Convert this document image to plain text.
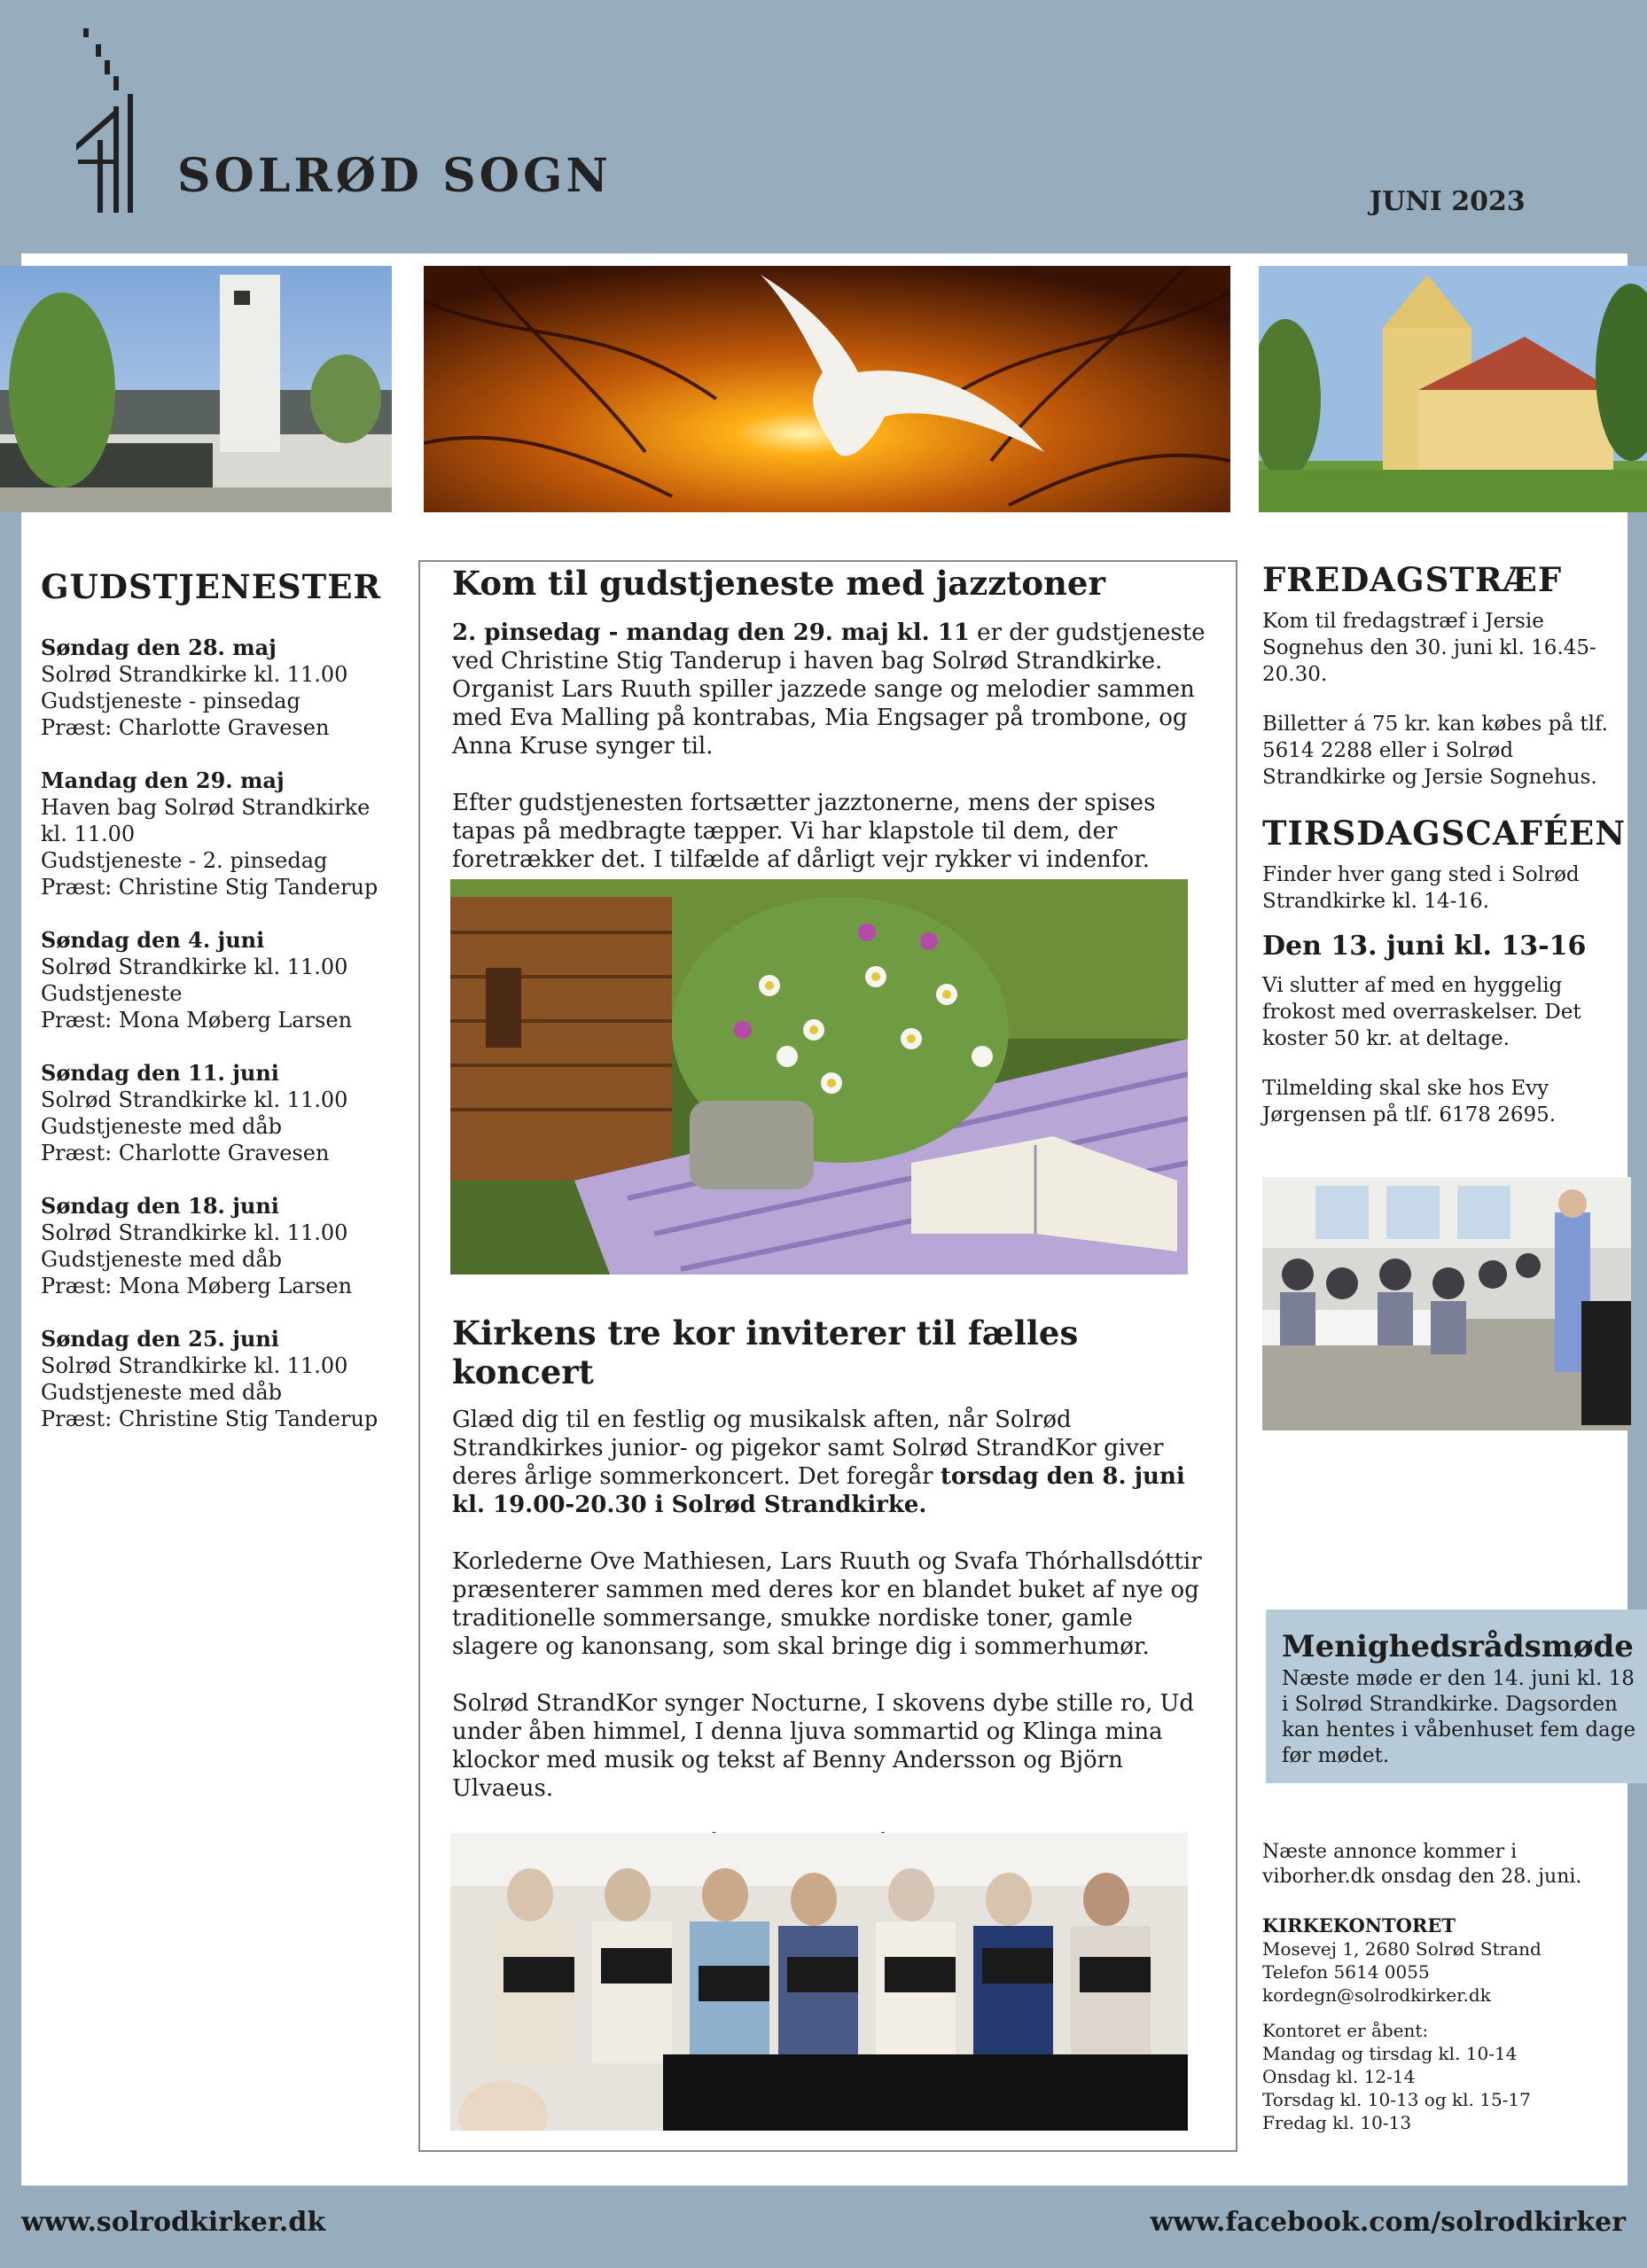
SOLRØD SOGN	JUNI 2023
GUDSTJENESTER
Søndag den 28. maj
Solrød Strandkirke kl. 11.00
Gudstjeneste - pinsedag
Præst: Charlotte Gravesen
Mandag den 29. maj
Haven bag Solrød Strandkirke
kl. 11.00
Gudstjeneste - 2. pinsedag
Præst: Christine Stig Tanderup
Søndag den 4. juni
Solrød Strandkirke kl. 11.00
Gudstjeneste
Præst: Mona Møberg Larsen
Søndag den 11. juni
Solrød Strandkirke kl. 11.00
Gudstjeneste med dåb
Præst: Charlotte Gravesen
Søndag den 18. juni
Solrød Strandkirke kl. 11.00
Gudstjeneste med dåb
Præst: Mona Møberg Larsen
Søndag den 25. juni
Solrød Strandkirke kl. 11.00
Gudstjeneste med dåb
Præst: Christine Stig Tanderup
Kom til gudstjeneste med jazztoner

2. pinsedag - mandag den 29. maj kl. 11 er der gudstjeneste ved Christine Stig Tanderup i haven bag Solrød Strandkirke. Organist Lars Ruuth spiller jazzede sange og melodier sammen med Eva Malling på kontrabas, Mia Engsager på trombone, og Anna Kruse synger til.

Efter gudstjenesten fortsætter jazztonerne, mens der spises tapas på medbragte tæpper. Vi har klapstole til dem, der foretrækker det. I tilfælde af dårligt vejr rykker vi indenfor.

Kirkens tre kor inviterer til fælles koncert

Glæd dig til en festlig og musikalsk aften, når Solrød Strandkirkes junior- og pigekor samt Solrød StrandKor giver deres årlige sommerkoncert. Det foregår torsdag den 8. juni kl. 19.00-20.30 i Solrød Strandkirke.

Korlederne Ove Mathiesen, Lars Ruuth og Svafa Thórhallsdóttir præsenterer sammen med deres kor en blandet buket af nye og traditionelle sommersange, smukke nordiske toner, gamle slagere og kanonsang, som skal bringe dig i sommerhumør.

Solrød StrandKor synger Nocturne, I skovens dybe stille ro, Ud under åben himmel, I denna ljuva sommartid og Klinga mina klockor med musik og tekst af Benny Andersson og Björn Ulvaeus.

FREDAGSTRÆF

Kom til fredagstræf i Jersie Sognehus den 30. juni kl. 16.45-20.30.

Billetter á 75 kr. kan købes på tlf. 5614 2288 eller i Solrød Strandkirke og Jersie Sognehus.

TIRSDAGSCAFÉEN

Finder hver gang sted i Solrød Strandkirke kl. 14-16.

Den 13. juni kl. 13-16

Vi slutter af med en hyggelig frokost med overraskelser. Det koster 50 kr. at deltage.

Tilmelding skal ske hos Evy Jørgensen på tlf. 6178 2695.

Menighedsrådsmøde

Næste møde er den 14. juni kl. 18 i Solrød Strandkirke. Dagsorden kan hentes i våbenhuset fem dage før mødet.

Næste annonce kommer i viborher.dk onsdag den 28. juni.
KIRKEKONTORET
Mosevej 1, 2680 Solrød Strand
Telefon 5614 0055
kordegn@solrodkirker.dk
Kontoret er åbent:
Mandag og tirsdag kl. 10-14
Onsdag kl. 12-14
Torsdag kl. 10-13 og kl. 15-17
Fredag kl. 10-13
www.solrodkirker.dk	www.facebook.com/solrodkirker
